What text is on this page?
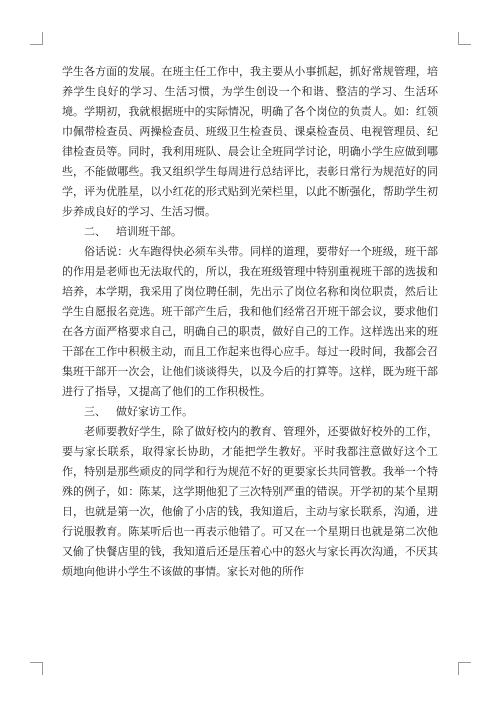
学生各方面的发展。在班主任工作中，我主要从小事抓起，抓好常规管理，培养学生良好的学习、生活习惯，为学生创设一个和谐、整洁的学习、生活环境。学期初，我就根据班中的实际情况，明确了各个岗位的负责人。如：红领巾佩带检查员、两操检查员、班级卫生检查员、课桌检查员、电视管理员、纪律检查员等。同时，我利用班队、晨会让全班同学讨论，明确小学生应做到哪些，不能做哪些。我又组织学生每周进行总结评比，表彰日常行为规范好的同学，评为优胜星，以小红花的形式贴到光荣栏里，以此不断强化，帮助学生初步养成良好的学习、生活习惯。

二、 培训班干部。

俗话说：火车跑得快必须车头带。同样的道理，要带好一个班级，班干部的作用是老师也无法取代的，所以，我在班级管理中特别重视班干部的选拔和培养，本学期，我采用了岗位聘任制，先出示了岗位名称和岗位职责，然后让学生自愿报名竞选。班干部产生后，我和他们经常召开班干部会议，要求他们在各方面严格要求自己，明确自己的职责，做好自己的工作。这样选出来的班干部在工作中积极主动，而且工作起来也得心应手。每过一段时间，我都会召集班干部开一次会，让他们谈谈得失，以及今后的打算等。这样，既为班干部进行了指导，又提高了他们的工作积极性。

三、 做好家访工作。

老师要教好学生，除了做好校内的教育、管理外，还要做好校外的工作，要与家长联系，取得家长协助，才能把学生教好。平时我都注意做好这个工作，特别是那些顽皮的同学和行为规范不好的更要家长共同管教。我举一个特殊的例子，如：陈某，这学期他犯了三次特别严重的错误。开学初的某个星期日，也就是第一次，他偷了小店的钱，我知道后，主动与家长联系，沟通，进行说服教育。陈某听后也一再表示他错了。可又在一个星期日也就是第二次他又偷了快餐店里的钱，我知道后还是压着心中的怒火与家长再次沟通，不厌其烦地向他讲小学生不该做的事情。家长对他的所作
